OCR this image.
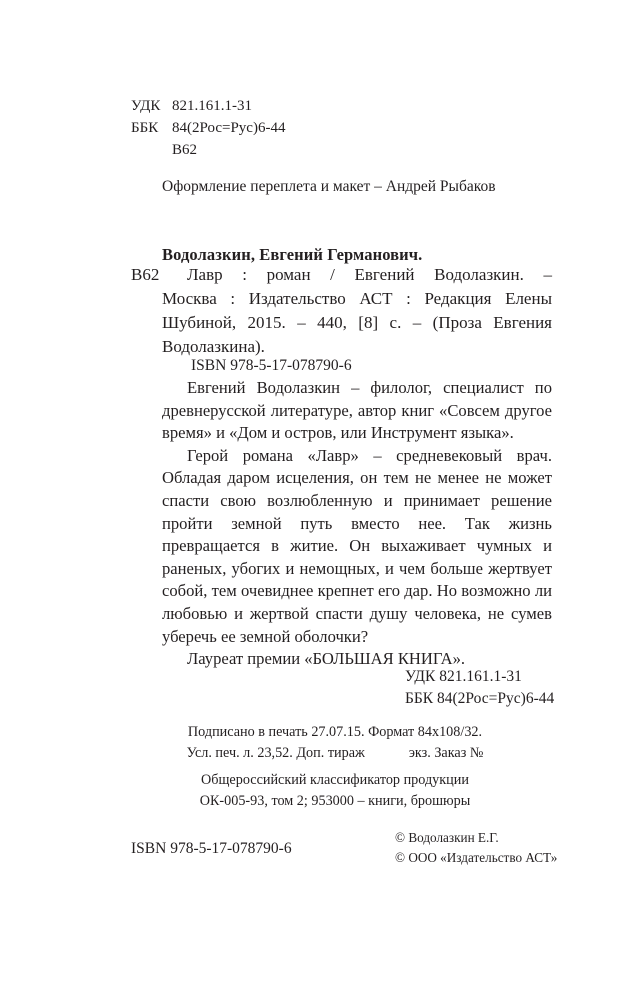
УДК 821.161.1-31
ББК 84(2Рос=Рус)6-44
В62
Оформление переплета и макет – Андрей Рыбаков
Водолазкин, Евгений Германович.
В62	Лавр : роман / Евгений Водолазкин. –
Москва : Издательство АСТ : Редакция Елены
Шубиной, 2015. – 440, [8] с. – (Проза Евгения
Водолазкина).
ISBN 978-5-17-078790-6

Евгений Водолазкин – филолог, специалист по древнерусской литературе, автор книг «Совсем другое время» и «Дом и остров, или Инструмент языка».

Герой романа «Лавр» – средневековый врач. Обладая даром исцеления, он тем не менее не может спасти свою возлюбленную и принимает решение пройти земной путь вместо нее. Так жизнь превращается в житие. Он выхаживает чумных и раненых, убогих и немощных, и чем больше жертвует собой, тем очевиднее крепнет его дар. Но возможно ли любовью и жертвой спасти душу человека, не сумев уберечь ее земной оболочки?

Лауреат премии «БОЛЬШАЯ КНИГА».

УДК 821.161.1-31
ББК 84(2Рос=Рус)6-44
Подписано в печать 27.07.15. Формат 84x108/32.
Усл. печ. л. 23,52. Доп. тираж	экз. Заказ №
Общероссийский классификатор продукции
ОК-005-93, том 2; 953000 – книги, брошюры
ISBN 978-5-17-078790-6
© Водолазкин Е.Г.
© ООО «Издательство АСТ»
